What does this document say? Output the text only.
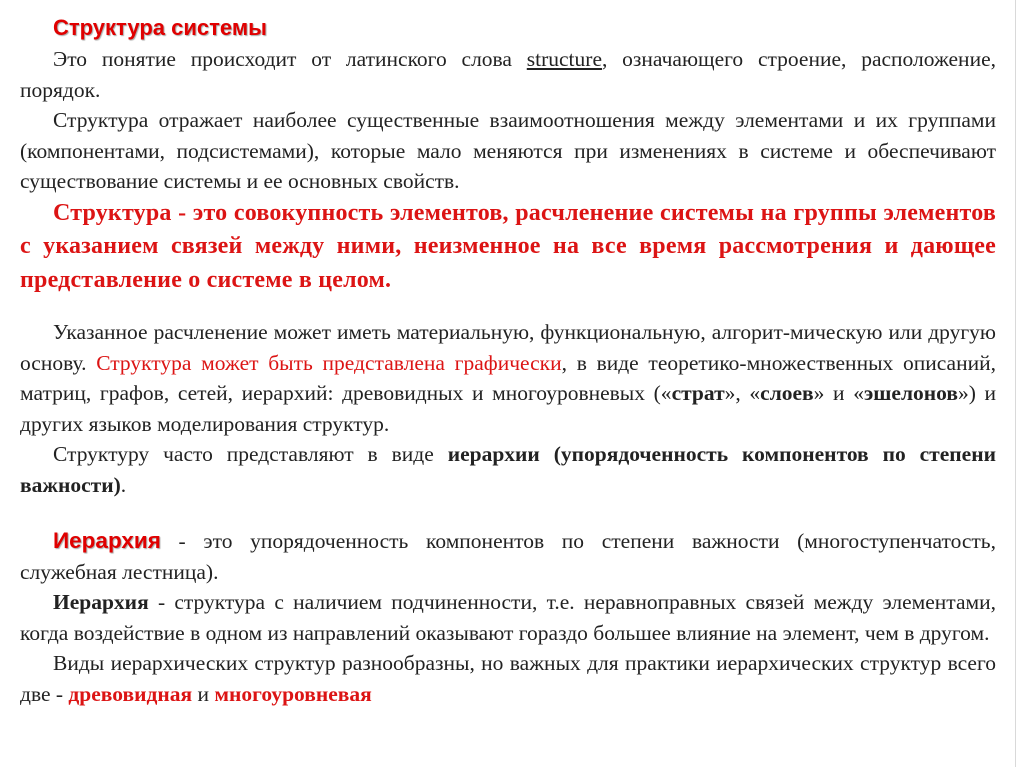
Структура системы

Это понятие происходит от латинского слова structure, означающего строение, расположение, порядок.

Структура отражает наиболее существенные взаимоотношения между элементами и их группами (компонентами, подсистемами), которые мало меняются при изменениях в системе и обеспечивают существование системы и ее основных свойств.

Структура - это совокупность элементов, расчленение системы на группы элементов с указанием связей между ними, неизменное на все время рассмотрения и дающее представление о системе в целом.

Указанное расчленение может иметь материальную, функциональную, алгорит-мическую или другую основу. Структура может быть представлена графически, в виде теоретико-множественных описаний, матриц, графов, сетей, иерархий: древовидных и многоуровневых («страт», «слоев» и «эшелонов») и других языков моделирования структур.

Структуру часто представляют в виде иерархии (упорядоченность компонентов по степени важности).

Иерархия - это упорядоченность компонентов по степени важности (многоступенчатость, служебная лестница).

Иерархия - структура с наличием подчиненности, т.е. неравноправных связей между элементами, когда воздействие в одном из направлений оказывают гораздо большее влияние на элемент, чем в другом.

Виды иерархических структур разнообразны, но важных для практики иерархических структур всего две - древовидная и многоуровневая
